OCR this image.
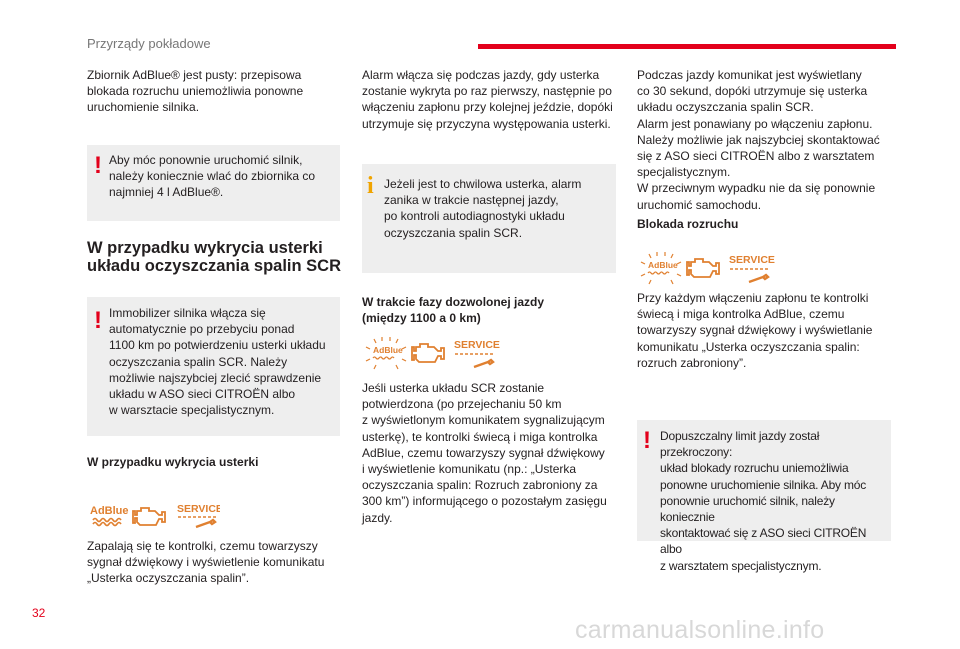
Przyrządy pokładowe
Zbiornik AdBlue® jest pusty: przepisowa
blokada rozruchu uniemożliwia ponowne
uruchomienie silnika.
! Aby móc ponownie uruchomić silnik,
należy koniecznie wlać do zbiornika co
najmniej 4 l AdBlue®.
W przypadku wykrycia usterki
układu oczyszczania spalin SCR
! Immobilizer silnika włącza się
automatycznie po przebyciu ponad
1100 km po potwierdzeniu usterki układu
oczyszczania spalin SCR. Należy
możliwie najszybciej zlecić sprawdzenie
układu w ASO sieci CITROËN albo
w warsztacie specjalistycznym.
W przypadku wykrycia usterki
AdBlue	SERVICE
Zapalają się te kontrolki, czemu towarzyszy
sygnał dźwiękowy i wyświetlenie komunikatu
„Usterka oczyszczania spalin”.
Alarm włącza się podczas jazdy, gdy usterka
zostanie wykryta po raz pierwszy, następnie po
włączeniu zapłonu przy kolejnej jeździe, dopóki
utrzymuje się przyczyna występowania usterki.
i Jeżeli jest to chwilowa usterka, alarm
zanika w trakcie następnej jazdy,
po kontroli autodiagnostyki układu
oczyszczania spalin SCR.
W trakcie fazy dozwolonej jazdy
(między 1100 a 0 km)
AdBlue	SERVICE
Jeśli usterka układu SCR zostanie
potwierdzona (po przejechaniu 50 km
z wyświetlonym komunikatem sygnalizującym
usterkę), te kontrolki świecą i miga kontrolka
AdBlue, czemu towarzyszy sygnał dźwiękowy
i wyświetlenie komunikatu (np.: „Usterka
oczyszczania spalin: Rozruch zabroniony za
300 km”) informującego o pozostałym zasięgu
jazdy.
Podczas jazdy komunikat jest wyświetlany
co 30 sekund, dopóki utrzymuje się usterka
układu oczyszczania spalin SCR.
Alarm jest ponawiany po włączeniu zapłonu.
Należy możliwie jak najszybciej skontaktować
się z ASO sieci CITROËN albo z warsztatem
specjalistycznym.
W przeciwnym wypadku nie da się ponownie
uruchomić samochodu.
Blokada rozruchu
AdBlue	SERVICE
Przy każdym włączeniu zapłonu te kontrolki
świecą i miga kontrolka AdBlue, czemu
towarzyszy sygnał dźwiękowy i wyświetlanie
komunikatu „Usterka oczyszczania spalin:
rozruch zabroniony”.
! Dopuszczalny limit jazdy został przekroczony:
układ blokady rozruchu uniemożliwia
ponowne uruchomienie silnika. Aby móc
ponownie uruchomić silnik, należy koniecznie
skontaktować się z ASO sieci CITROËN albo
z warsztatem specjalistycznym.
32
carmanualsonline.info
